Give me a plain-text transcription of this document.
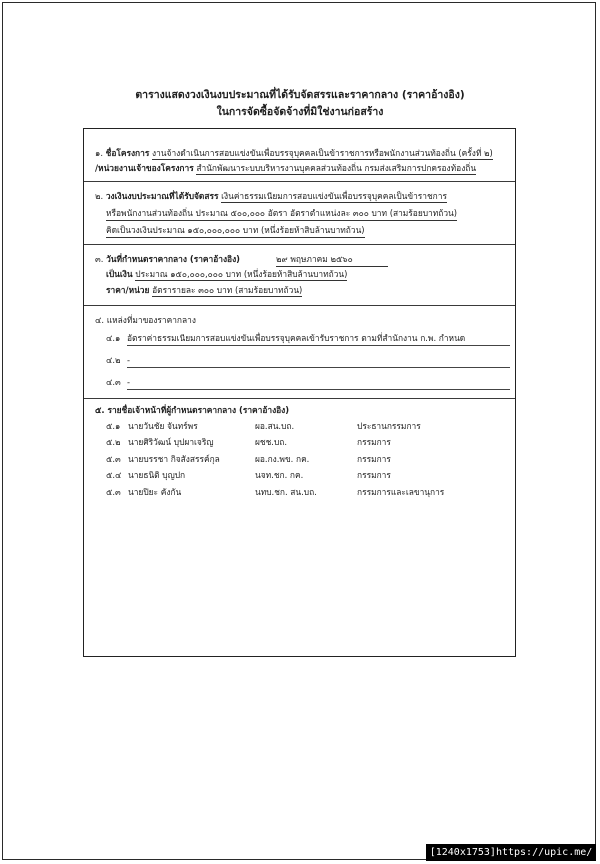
ตารางแสดงวงเงินงบประมาณที่ได้รับจัดสรรและราคากลาง (ราคาอ้างอิง)
ในการจัดซื้อจัดจ้างที่มิใช่งานก่อสร้าง
๑. ชื่อโครงการ งานจ้างดำเนินการสอบแข่งขันเพื่อบรรจุบุคคลเป็นข้าราชการหรือพนักงานส่วนท้องถิ่น (ครั้งที่ ๒)
/หน่วยงานเจ้าของโครงการ สำนักพัฒนาระบบบริหารงานบุคคลส่วนท้องถิ่น กรมส่งเสริมการปกครองท้องถิ่น
๒. วงเงินงบประมาณที่ได้รับจัดสรร เงินค่าธรรมเนียมการสอบแข่งขันเพื่อบรรจุบุคคลเป็นข้าราชการ
หรือพนักงานส่วนท้องถิ่น ประมาณ ๕๐๐,๐๐๐ อัตรา อัตราตำแหน่งละ ๓๐๐ บาท (สามร้อยบาทถ้วน)
คิดเป็นวงเงินประมาณ ๑๕๐,๐๐๐,๐๐๐ บาท (หนึ่งร้อยห้าสิบล้านบาทถ้วน)
๓. วันที่กำหนดราคากลาง (ราคาอ้างอิง)	๒๙ พฤษภาคม ๒๕๖๐
เป็นเงิน ประมาณ ๑๕๐,๐๐๐,๐๐๐ บาท (หนึ่งร้อยห้าสิบล้านบาทถ้วน)
ราคา/หน่วย อัตรารายละ ๓๐๐ บาท (สามร้อยบาทถ้วน)
๔. แหล่งที่มาของราคากลาง
๔.๑ อัตราค่าธรรมเนียมการสอบแข่งขันเพื่อบรรจุบุคคลเข้ารับราชการ ตามที่สำนักงาน ก.พ. กำหนด
๔.๒ -
๔.๓ -
๕. รายชื่อเจ้าหน้าที่ผู้กำหนดราคากลาง (ราคาอ้างอิง)
๕.๑ นายวันชัย จันทร์พร	ผอ.สน.บถ.	ประธานกรรมการ
๕.๒ นายศิริวัฒน์ บุปผาเจริญ	ผชช.บถ.	กรรมการ
๕.๓ นายบรรชา กิจสังสรรค์กุล	ผอ.กง.พข. กค.	กรรมการ
๕.๔ นายธนิติ บุญปก	นจท.ชก. กค.	กรรมการ
๕.๓ นายปิยะ คังกัน	นทบ.ชก. สน.บถ.	กรรมการและเลขานุการ
[1240x1753]https://upic.me/
